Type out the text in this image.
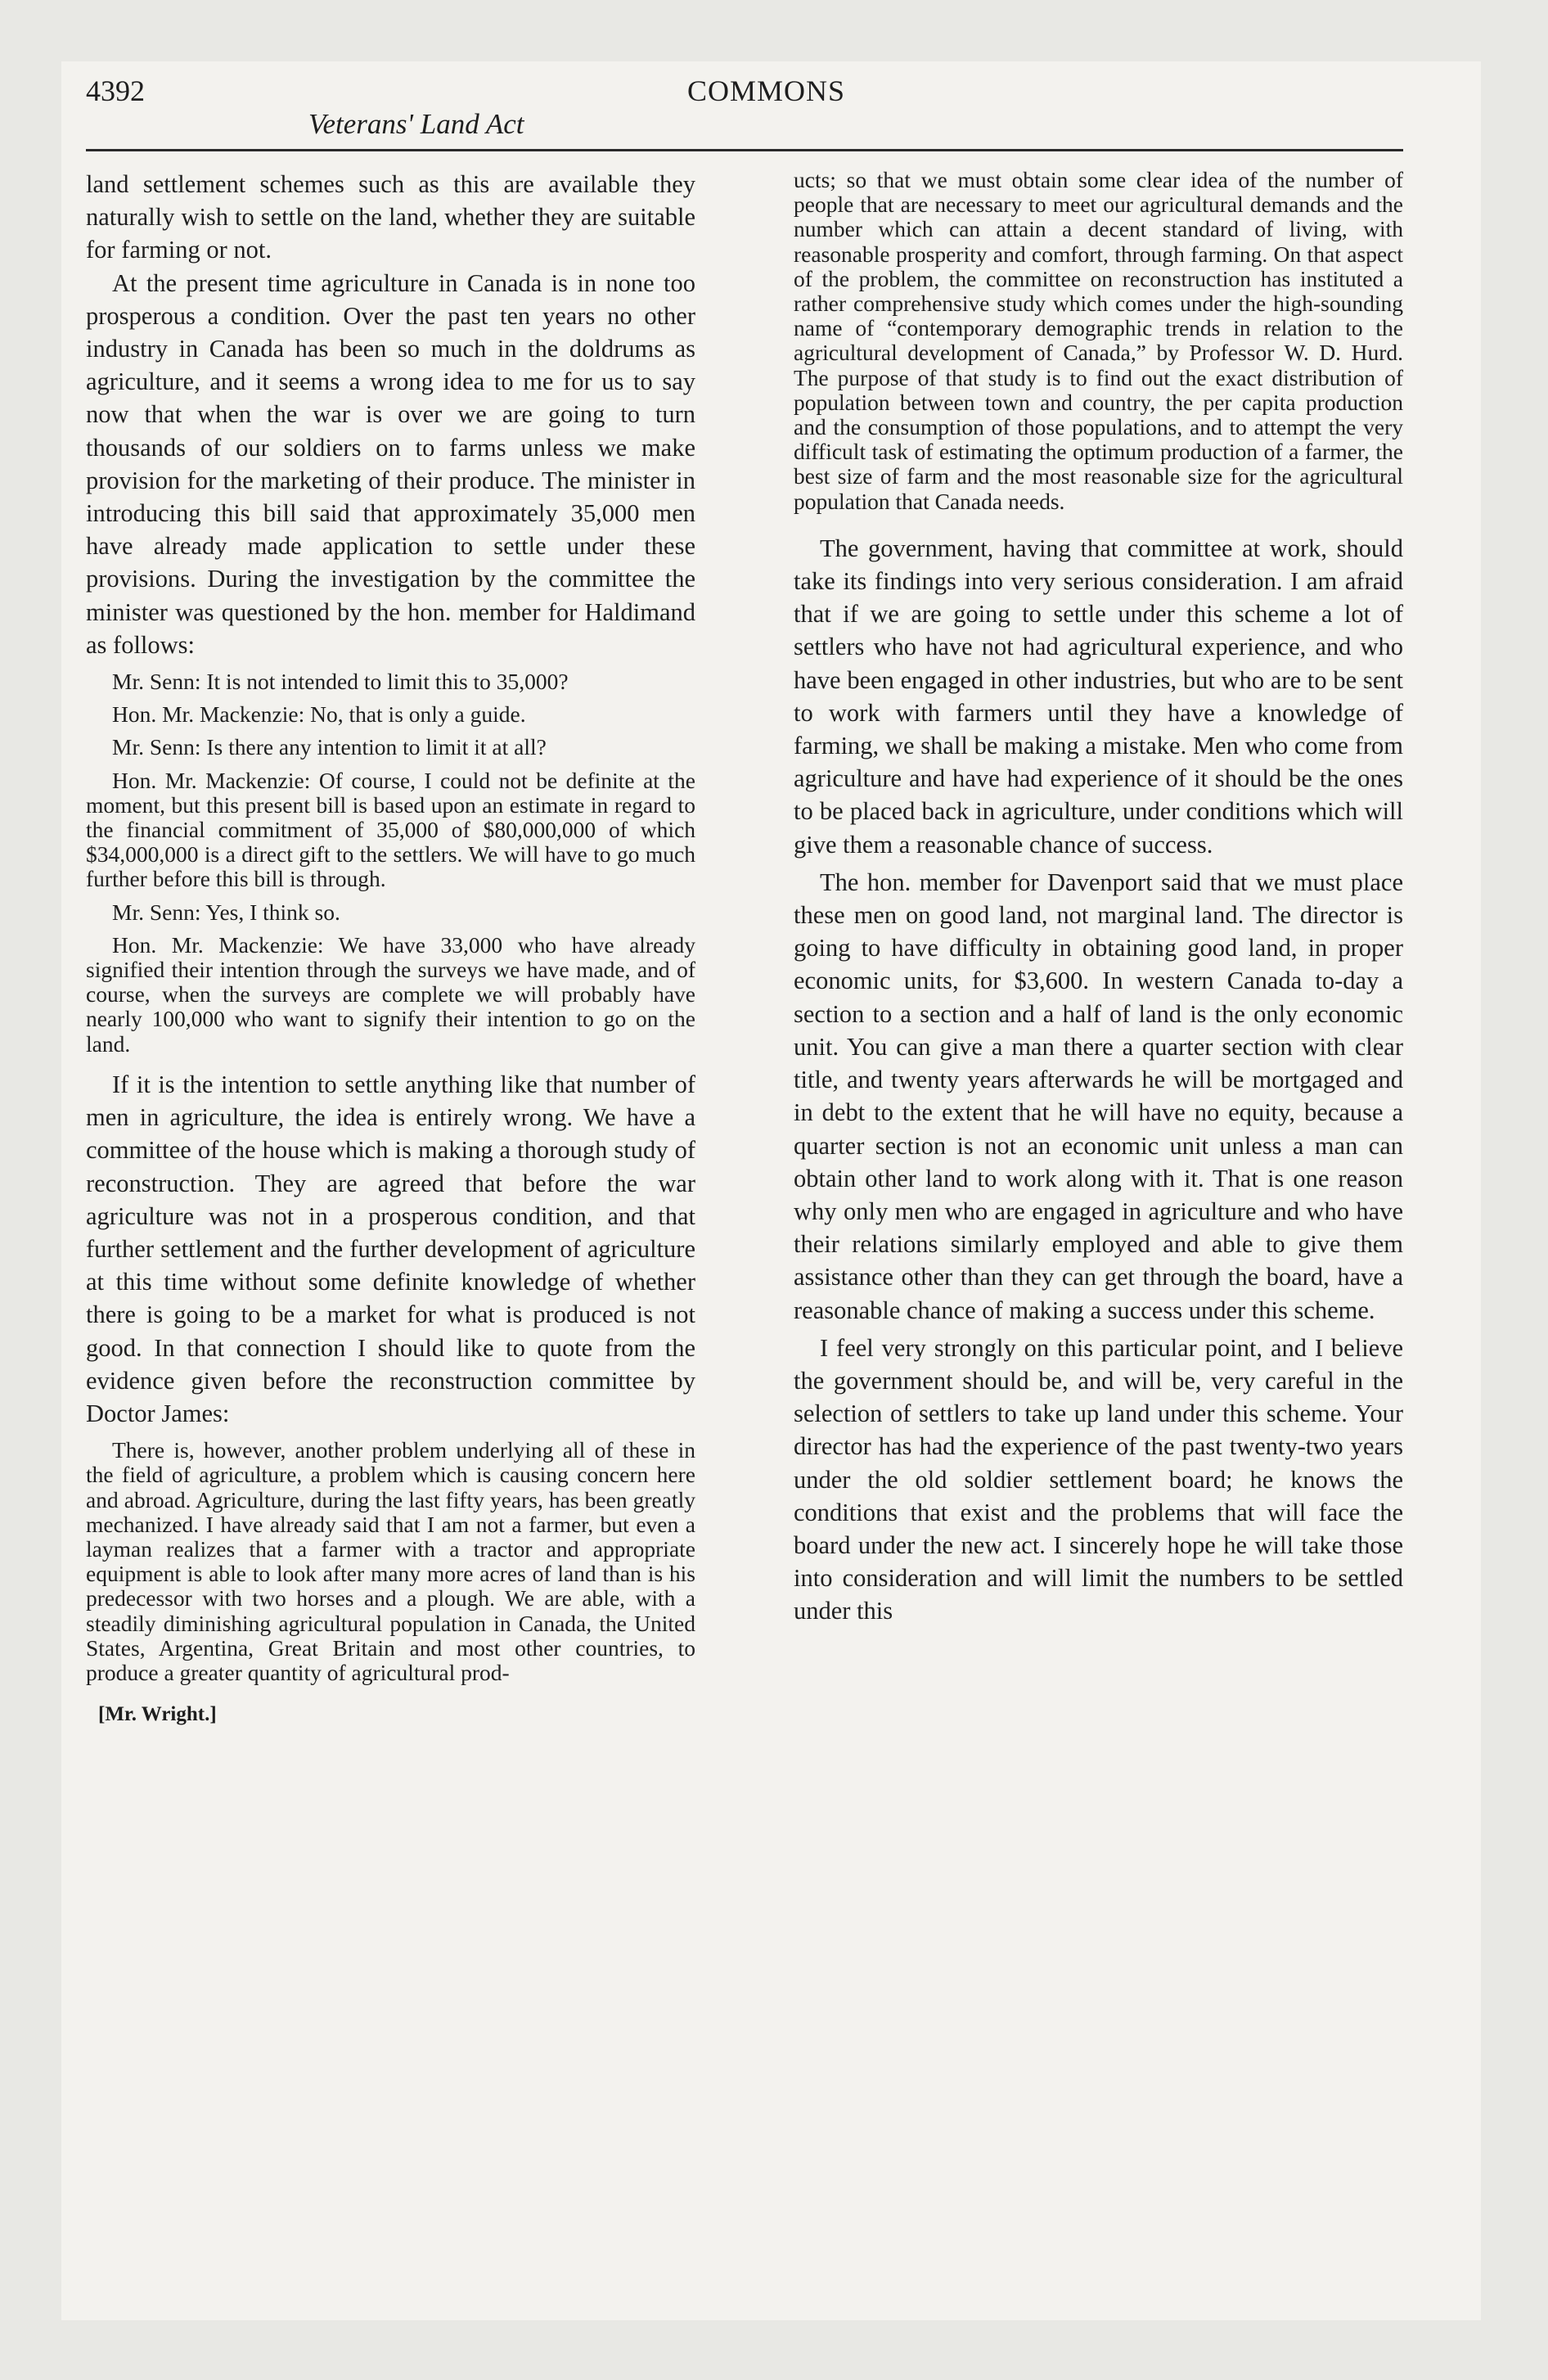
4392	COMMONS
Veterans' Land Act

land settlement schemes such as this are available they naturally wish to settle on the land, whether they are suitable for farming or not.

At the present time agriculture in Canada is in none too prosperous a condition. Over the past ten years no other industry in Canada has been so much in the doldrums as agriculture, and it seems a wrong idea to me for us to say now that when the war is over we are going to turn thousands of our soldiers on to farms unless we make provision for the marketing of their produce. The minister in introducing this bill said that approximately 35,000 men have already made application to settle under these provisions. During the investigation by the committee the minister was questioned by the hon. member for Haldimand as follows:

Mr. Senn: It is not intended to limit this to 35,000?

Hon. Mr. Mackenzie: No, that is only a guide.

Mr. Senn: Is there any intention to limit it at all?

Hon. Mr. Mackenzie: Of course, I could not be definite at the moment, but this present bill is based upon an estimate in regard to the financial commitment of 35,000 of $80,000,000 of which $34,000,000 is a direct gift to the settlers. We will have to go much further before this bill is through.

Mr. Senn: Yes, I think so.

Hon. Mr. Mackenzie: We have 33,000 who have already signified their intention through the surveys we have made, and of course, when the surveys are complete we will probably have nearly 100,000 who want to signify their intention to go on the land.

If it is the intention to settle anything like that number of men in agriculture, the idea is entirely wrong. We have a committee of the house which is making a thorough study of reconstruction. They are agreed that before the war agriculture was not in a prosperous condition, and that further settlement and the further development of agriculture at this time without some definite knowledge of whether there is going to be a market for what is produced is not good. In that connection I should like to quote from the evidence given before the reconstruction committee by Doctor James:

There is, however, another problem underlying all of these in the field of agriculture, a problem which is causing concern here and abroad. Agriculture, during the last fifty years, has been greatly mechanized. I have already said that I am not a farmer, but even a layman realizes that a farmer with a tractor and appropriate equipment is able to look after many more acres of land than is his predecessor with two horses and a plough. We are able, with a steadily diminishing agricultural population in Canada, the United States, Argentina, Great Britain and most other countries, to produce a greater quantity of agricultural prod-

[Mr. Wright.]

ucts; so that we must obtain some clear idea of the number of people that are necessary to meet our agricultural demands and the number which can attain a decent standard of living, with reasonable prosperity and comfort, through farming. On that aspect of the problem, the committee on reconstruction has instituted a rather comprehensive study which comes under the high-sounding name of “contemporary demographic trends in relation to the agricultural development of Canada,” by Professor W. D. Hurd. The purpose of that study is to find out the exact distribution of population between town and country, the per capita production and the consumption of those populations, and to attempt the very difficult task of estimating the optimum production of a farmer, the best size of farm and the most reasonable size for the agricultural population that Canada needs.

The government, having that committee at work, should take its findings into very serious consideration. I am afraid that if we are going to settle under this scheme a lot of settlers who have not had agricultural experience, and who have been engaged in other industries, but who are to be sent to work with farmers until they have a knowledge of farming, we shall be making a mistake. Men who come from agriculture and have had experience of it should be the ones to be placed back in agriculture, under conditions which will give them a reasonable chance of success.

The hon. member for Davenport said that we must place these men on good land, not marginal land. The director is going to have difficulty in obtaining good land, in proper economic units, for $3,600. In western Canada to-day a section to a section and a half of land is the only economic unit. You can give a man there a quarter section with clear title, and twenty years afterwards he will be mortgaged and in debt to the extent that he will have no equity, because a quarter section is not an economic unit unless a man can obtain other land to work along with it. That is one reason why only men who are engaged in agriculture and who have their relations similarly employed and able to give them assistance other than they can get through the board, have a reasonable chance of making a success under this scheme.

I feel very strongly on this particular point, and I believe the government should be, and will be, very careful in the selection of settlers to take up land under this scheme. Your director has had the experience of the past twenty-two years under the old soldier settlement board; he knows the conditions that exist and the problems that will face the board under the new act. I sincerely hope he will take those into consideration and will limit the numbers to be settled under this
